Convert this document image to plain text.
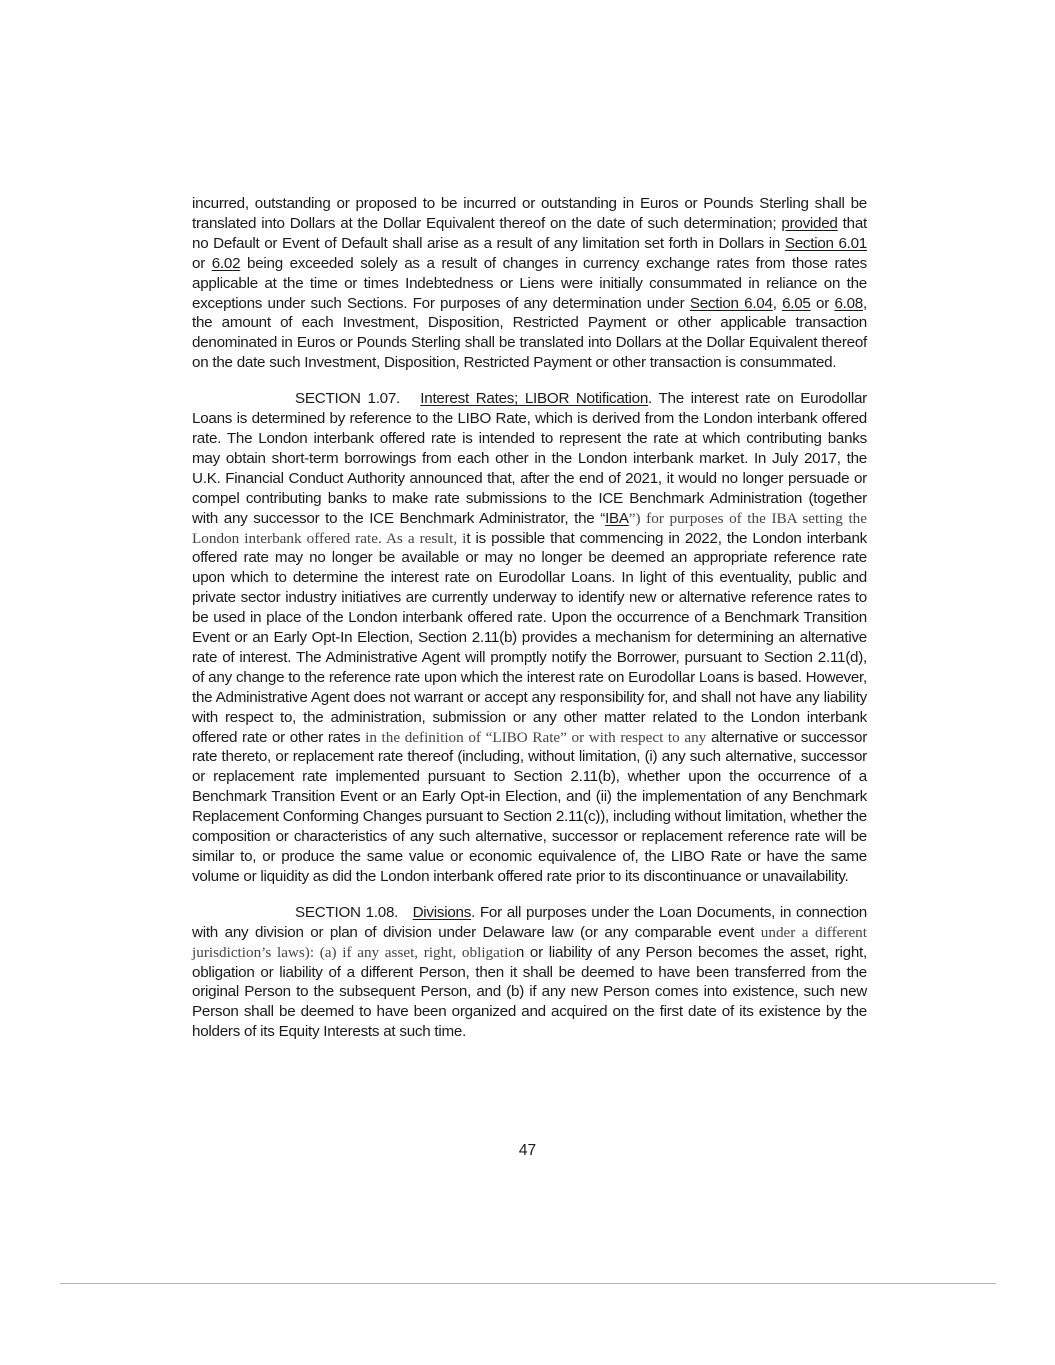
incurred, outstanding or proposed to be incurred or outstanding in Euros or Pounds Sterling shall be translated into Dollars at the Dollar Equivalent thereof on the date of such determination; provided that no Default or Event of Default shall arise as a result of any limitation set forth in Dollars in Section 6.01 or 6.02 being exceeded solely as a result of changes in currency exchange rates from those rates applicable at the time or times Indebtedness or Liens were initially consummated in reliance on the exceptions under such Sections. For purposes of any determination under Section 6.04, 6.05 or 6.08, the amount of each Investment, Disposition, Restricted Payment or other applicable transaction denominated in Euros or Pounds Sterling shall be translated into Dollars at the Dollar Equivalent thereof on the date such Investment, Disposition, Restricted Payment or other transaction is consummated.

SECTION 1.07. Interest Rates; LIBOR Notification. The interest rate on Eurodollar Loans is determined by reference to the LIBO Rate, which is derived from the London interbank offered rate. The London interbank offered rate is intended to represent the rate at which contributing banks may obtain short-term borrowings from each other in the London interbank market. In July 2017, the U.K. Financial Conduct Authority announced that, after the end of 2021, it would no longer persuade or compel contributing banks to make rate submissions to the ICE Benchmark Administration (together with any successor to the ICE Benchmark Administrator, the “IBA”) for purposes of the IBA setting the London interbank offered rate. As a result, it is possible that commencing in 2022, the London interbank offered rate may no longer be available or may no longer be deemed an appropriate reference rate upon which to determine the interest rate on Eurodollar Loans. In light of this eventuality, public and private sector industry initiatives are currently underway to identify new or alternative reference rates to be used in place of the London interbank offered rate. Upon the occurrence of a Benchmark Transition Event or an Early Opt-In Election, Section 2.11(b) provides a mechanism for determining an alternative rate of interest. The Administrative Agent will promptly notify the Borrower, pursuant to Section 2.11(d), of any change to the reference rate upon which the interest rate on Eurodollar Loans is based. However, the Administrative Agent does not warrant or accept any responsibility for, and shall not have any liability with respect to, the administration, submission or any other matter related to the London interbank offered rate or other rates in the definition of “LIBO Rate” or with respect to any alternative or successor rate thereto, or replacement rate thereof (including, without limitation, (i) any such alternative, successor or replacement rate implemented pursuant to Section 2.11(b), whether upon the occurrence of a Benchmark Transition Event or an Early Opt-in Election, and (ii) the implementation of any Benchmark Replacement Conforming Changes pursuant to Section 2.11(c)), including without limitation, whether the composition or characteristics of any such alternative, successor or replacement reference rate will be similar to, or produce the same value or economic equivalence of, the LIBO Rate or have the same volume or liquidity as did the London interbank offered rate prior to its discontinuance or unavailability.

SECTION 1.08. Divisions. For all purposes under the Loan Documents, in connection with any division or plan of division under Delaware law (or any comparable event under a different jurisdiction’s laws): (a) if any asset, right, obligation or liability of any Person becomes the asset, right, obligation or liability of a different Person, then it shall be deemed to have been transferred from the original Person to the subsequent Person, and (b) if any new Person comes into existence, such new Person shall be deemed to have been organized and acquired on the first date of its existence by the holders of its Equity Interests at such time.

47
